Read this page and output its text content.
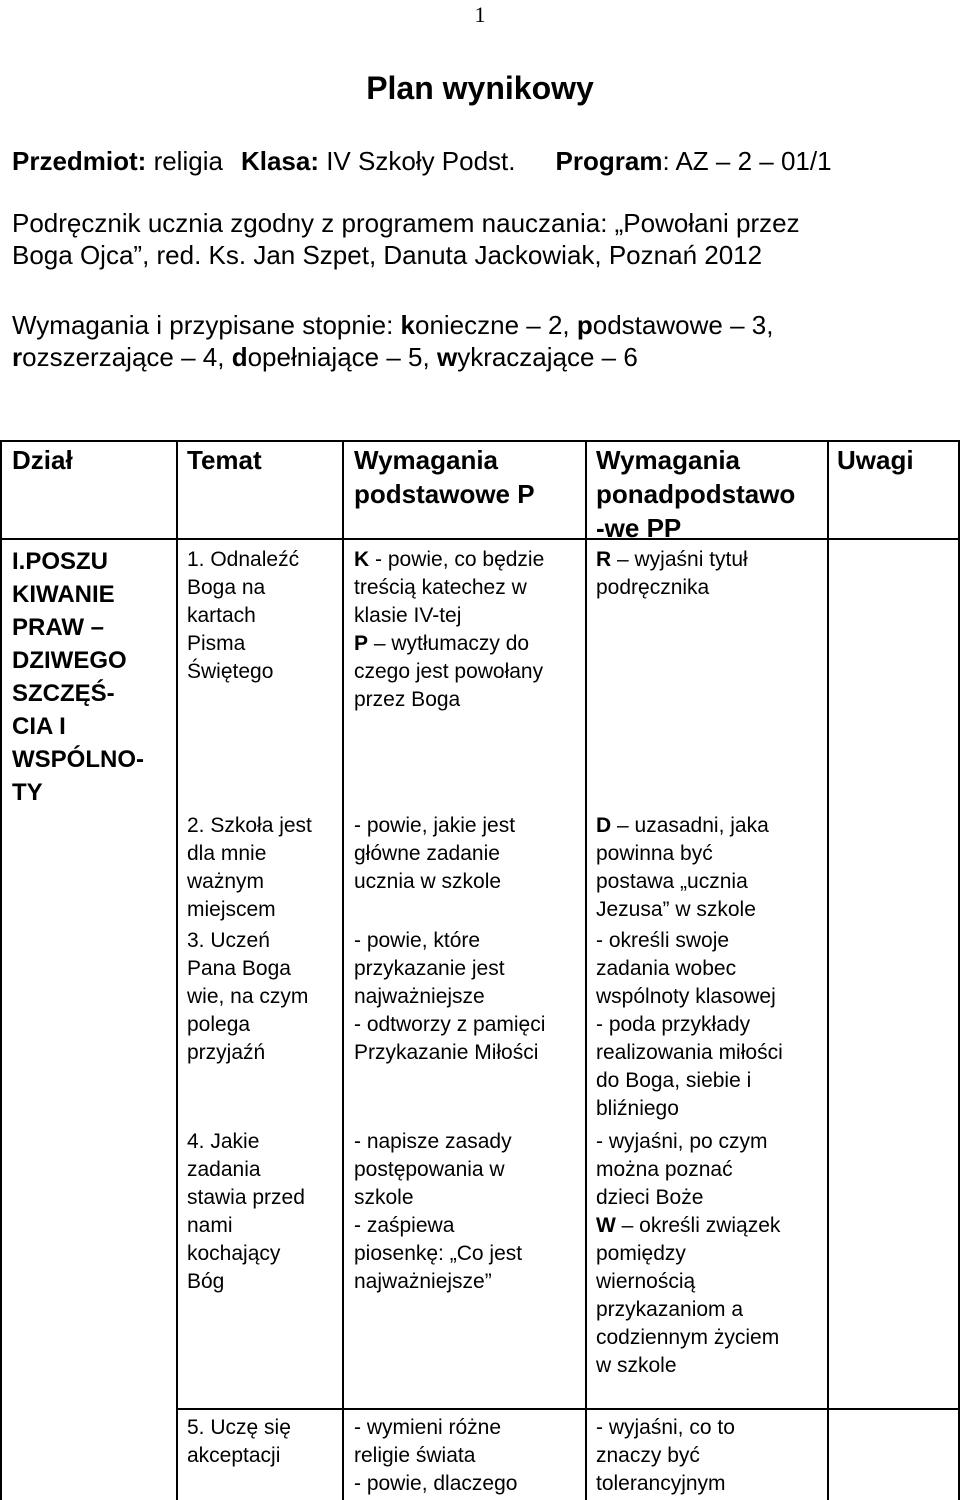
1
Plan wynikowy
Przedmiot: religia Klasa: IV Szkoły Podst. Program: AZ – 2 – 01/1
Podręcznik ucznia zgodny z programem nauczania: „Powołani przez
Boga Ojca”, red. Ks. Jan Szpet, Danuta Jackowiak, Poznań 2012
Wymagania i przypisane stopnie: konieczne – 2, podstawowe – 3,
rozszerzające – 4, dopełniające – 5, wykraczające – 6
Dział	Temat	Wymagania
podstawowe P
Wymagania
ponadpodstawo
-we PP
Uwagi
I.POSZU
KIWANIE
PRAW –
DZIWEGO
SZCZĘŚ-
CIA I
WSPÓLNO-
TY
1. Odnaleźć
Boga na
kartach
Pisma
Świętego
K - powie, co będzie
treścią katechez w
klasie IV-tej
P – wytłumaczy do
czego jest powołany
przez Boga
R – wyjaśni tytuł
podręcznika
2. Szkoła jest
dla mnie
ważnym
miejscem
- powie, jakie jest
główne zadanie
ucznia w szkole
D – uzasadni, jaka
powinna być
postawa „ucznia
Jezusa” w szkole
3. Uczeń
Pana Boga
wie, na czym
polega
przyjaźń
- powie, które
przykazanie jest
najważniejsze
- odtworzy z pamięci
Przykazanie Miłości
- określi swoje
zadania wobec
wspólnoty klasowej
- poda przykłady
realizowania miłości
do Boga, siebie i
bliźniego
4. Jakie
zadania
stawia przed
nami
kochający
Bóg
- napisze zasady
postępowania w
szkole
- zaśpiewa
piosenkę: „Co jest
najważniejsze”
- wyjaśni, po czym
można poznać
dzieci Boże
W – określi związek
pomiędzy
wiernością
przykazaniom a
codziennym życiem
w szkole
5. Uczę się
akceptacji
- wymieni różne
religie świata
- powie, dlaczego
- wyjaśni, co to
znaczy być
tolerancyjnym
